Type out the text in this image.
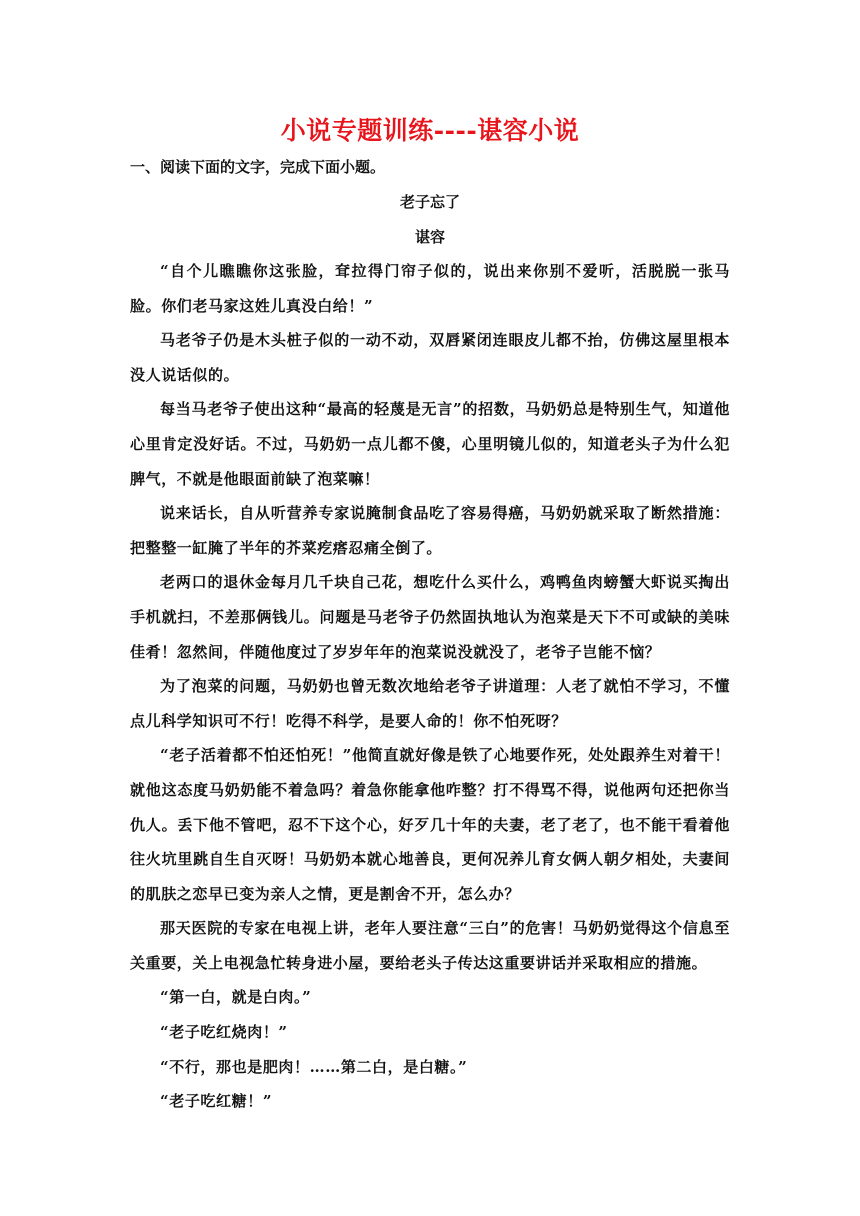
小说专题训练----谌容小说
一、阅读下面的文字，完成下面小题。
老子忘了
谌容

“自个儿瞧瞧你这张脸，耷拉得门帘子似的，说出来你别不爱听，活脱脱一张马脸。你们老马家这姓儿真没白给！”

马老爷子仍是木头桩子似的一动不动，双唇紧闭连眼皮儿都不抬，仿佛这屋里根本没人说话似的。

每当马老爷子使出这种“最高的轻蔑是无言”的招数，马奶奶总是特别生气，知道他心里肯定没好话。不过，马奶奶一点儿都不傻，心里明镜儿似的，知道老头子为什么犯脾气，不就是他眼面前缺了泡菜嘛！

说来话长，自从听营养专家说腌制食品吃了容易得癌，马奶奶就采取了断然措施：把整整一缸腌了半年的芥菜疙瘩忍痛全倒了。

老两口的退休金每月几千块自己花，想吃什么买什么，鸡鸭鱼肉螃蟹大虾说买掏出手机就扫，不差那俩钱儿。问题是马老爷子仍然固执地认为泡菜是天下不可或缺的美味佳肴！忽然间，伴随他度过了岁岁年年的泡菜说没就没了，老爷子岂能不恼？

为了泡菜的问题，马奶奶也曾无数次地给老爷子讲道理：人老了就怕不学习，不懂点儿科学知识可不行！吃得不科学，是要人命的！你不怕死呀？

“老子活着都不怕还怕死！”他简直就好像是铁了心地要作死，处处跟养生对着干！就他这态度马奶奶能不着急吗？着急你能拿他咋整？打不得骂不得，说他两句还把你当仇人。丢下他不管吧，忍不下这个心，好歹几十年的夫妻，老了老了，也不能干看着他往火坑里跳自生自灭呀！马奶奶本就心地善良，更何况养儿育女俩人朝夕相处，夫妻间的肌肤之恋早已变为亲人之情，更是割舍不开，怎么办？

那天医院的专家在电视上讲，老年人要注意“三白”的危害！马奶奶觉得这个信息至关重要，关上电视急忙转身进小屋，要给老头子传达这重要讲话并采取相应的措施。

“第一白，就是白肉。”

“老子吃红烧肉！”

“不行，那也是肥肉！……第二白，是白糖。”

“老子吃红糖！”
